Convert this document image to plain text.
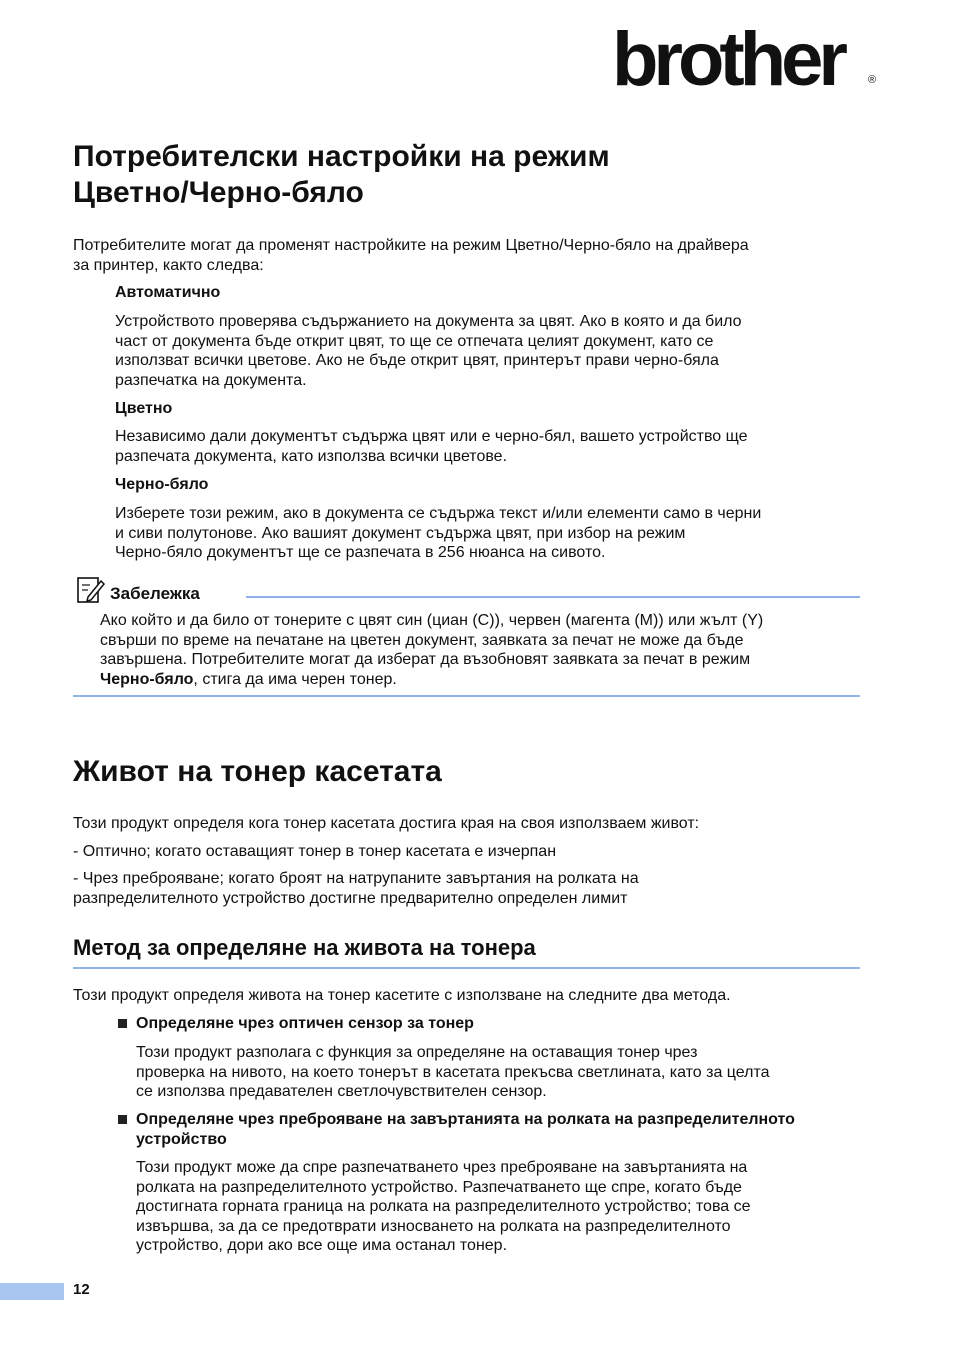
brother ®
Потребителски настройки на режим
Цветно/Черно-бяло

Потребителите могат да променят настройките на режим Цветно/Черно-бяло на драйвера
за принтер, както следва:

Автоматично

Устройството проверява съдържанието на документа за цвят. Ако в която и да било
част от документа бъде открит цвят, то ще се отпечата целият документ, като се
използват всички цветове. Ако не бъде открит цвят, принтерът прави черно-бяла
разпечатка на документа.

Цветно

Независимо дали документът съдържа цвят или е черно-бял, вашето устройство ще
разпечата документа, като използва всички цветове.

Черно-бяло

Изберете този режим, ако в документа се съдържа текст и/или елементи само в черни
и сиви полутонове. Ако вашият документ съдържа цвят, при избор на режим
Черно-бяло документът ще се разпечата в 256 нюанса на сивото.

Забележка

Ако който и да било от тонерите с цвят син (циан (C)), червен (магента (M)) или жълт (Y)
свърши по време на печатане на цветен документ, заявката за печат не може да бъде
завършена. Потребителите могат да изберат да възобновят заявката за печат в режим
Черно-бяло, стига да има черен тонер.

Живот на тонер касетата

Този продукт определя кога тонер касетата достига края на своя използваем живот:

- Оптично; когато оставащият тонер в тонер касетата е изчерпан

- Чрез преброяване; когато броят на натрупаните завъртания на ролката на
разпределителното устройство достигне предварително определен лимит

Метод за определяне на живота на тонера

Този продукт определя живота на тонер касетите с използване на следните два метода.

Определяне чрез оптичен сензор за тонер

Този продукт разполага с функция за определяне на оставащия тонер чрез
проверка на нивото, на което тонерът в касетата прекъсва светлината, като за целта
се използва предавателен светлочувствителен сензор.

Определяне чрез преброяване на завъртанията на ролката на разпределителното
устройство

Този продукт може да спре разпечатването чрез преброяване на завъртанията на
ролката на разпределителното устройство. Разпечатването ще спре, когато бъде
достигната горната граница на ролката на разпределителното устройство; това се
извършва, за да се предотврати износването на ролката на разпределителното
устройство, дори ако все още има останал тонер.

12
